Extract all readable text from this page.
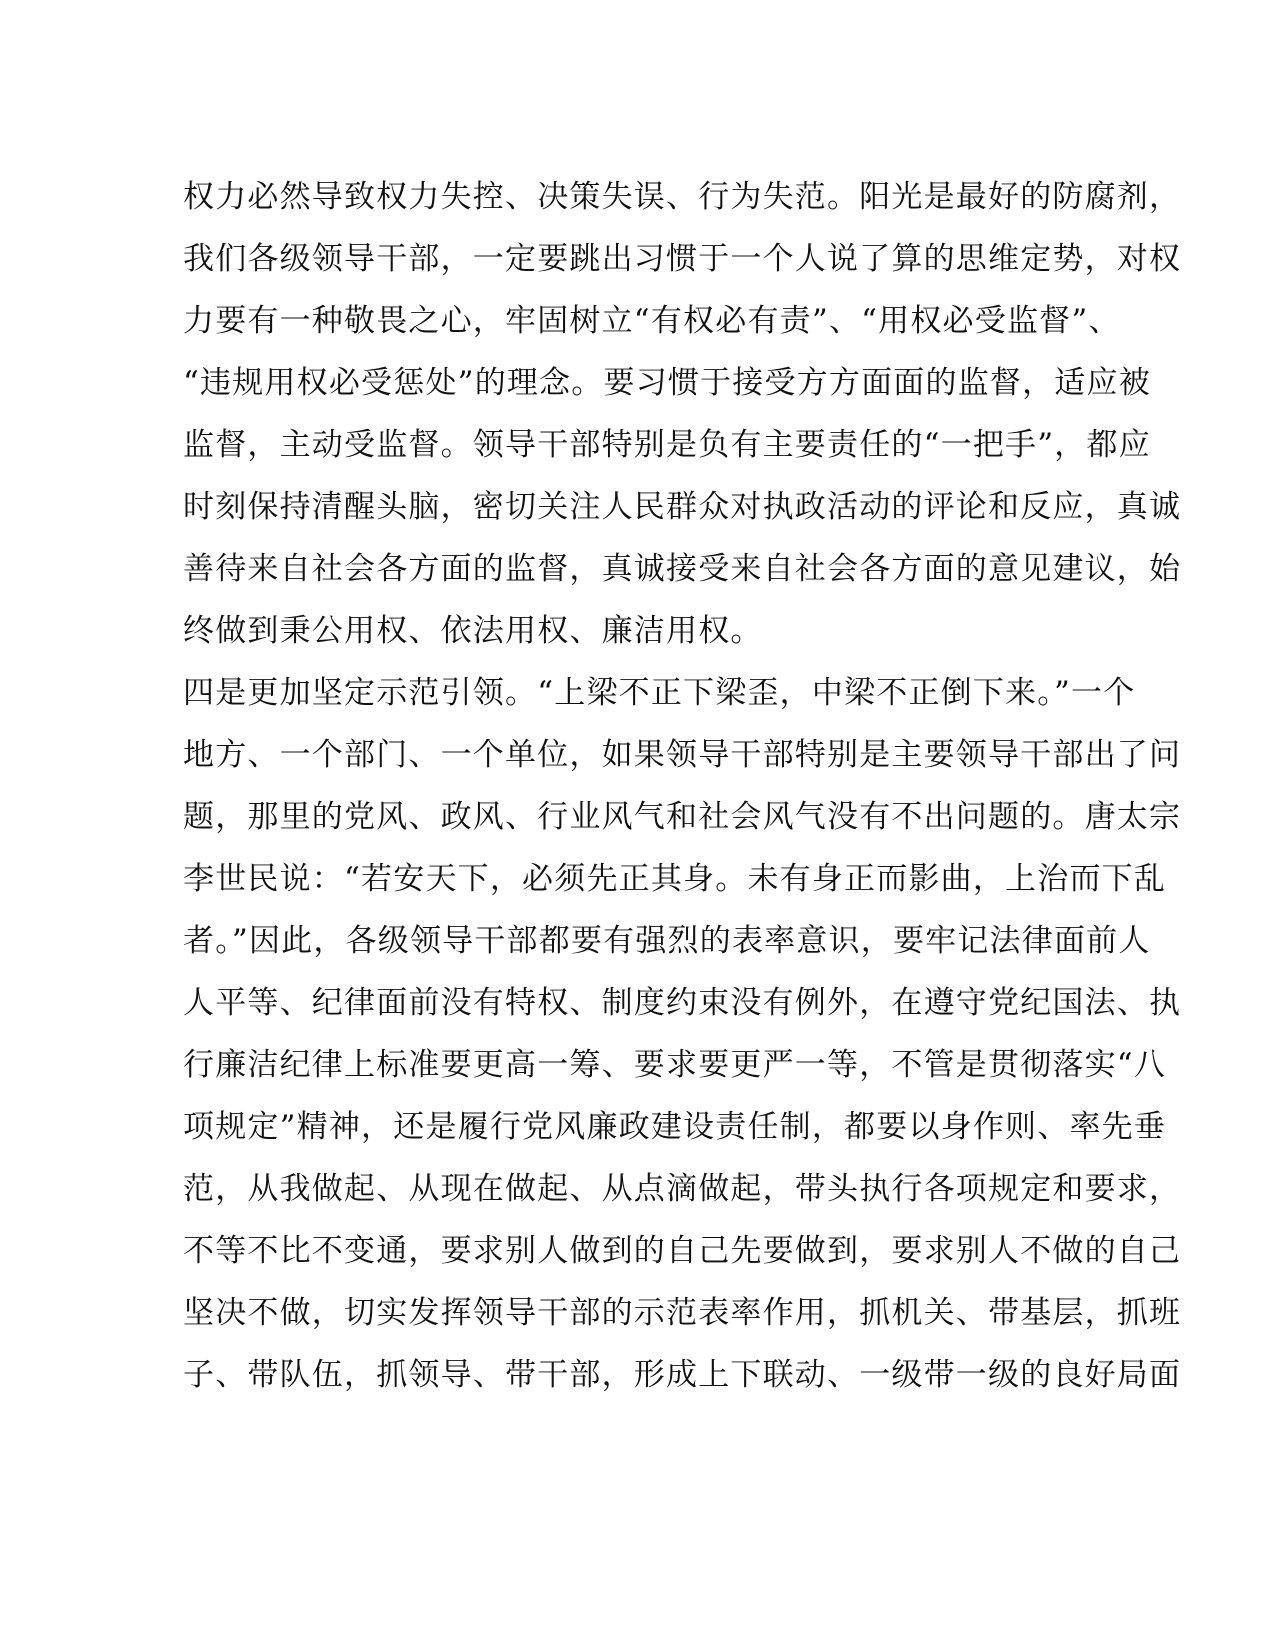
权力必然导致权力失控、决策失误、行为失范。阳光是最好的防腐剂，
我们各级领导干部，一定要跳出习惯于一个人说了算的思维定势，对权
力要有一种敬畏之心，牢固树立“有权必有责”、“用权必受监督”、
“违规用权必受惩处”的理念。要习惯于接受方方面面的监督，适应被
监督，主动受监督。领导干部特别是负有主要责任的“一把手”，都应
时刻保持清醒头脑，密切关注人民群众对执政活动的评论和反应，真诚
善待来自社会各方面的监督，真诚接受来自社会各方面的意见建议，始
终做到秉公用权、依法用权、廉洁用权。
四是更加坚定示范引领。“上梁不正下梁歪，中梁不正倒下来。”一个
地方、一个部门、一个单位，如果领导干部特别是主要领导干部出了问
题，那里的党风、政风、行业风气和社会风气没有不出问题的。唐太宗
李世民说：“若安天下，必须先正其身。未有身正而影曲，上治而下乱
者。”因此，各级领导干部都要有强烈的表率意识，要牢记法律面前人
人平等、纪律面前没有特权、制度约束没有例外，在遵守党纪国法、执
行廉洁纪律上标准要更高一筹、要求要更严一等，不管是贯彻落实“八
项规定”精神，还是履行党风廉政建设责任制，都要以身作则、率先垂
范，从我做起、从现在做起、从点滴做起，带头执行各项规定和要求，
不等不比不变通，要求别人做到的自己先要做到，要求别人不做的自己
坚决不做，切实发挥领导干部的示范表率作用，抓机关、带基层，抓班
子、带队伍，抓领导、带干部，形成上下联动、一级带一级的良好局面
